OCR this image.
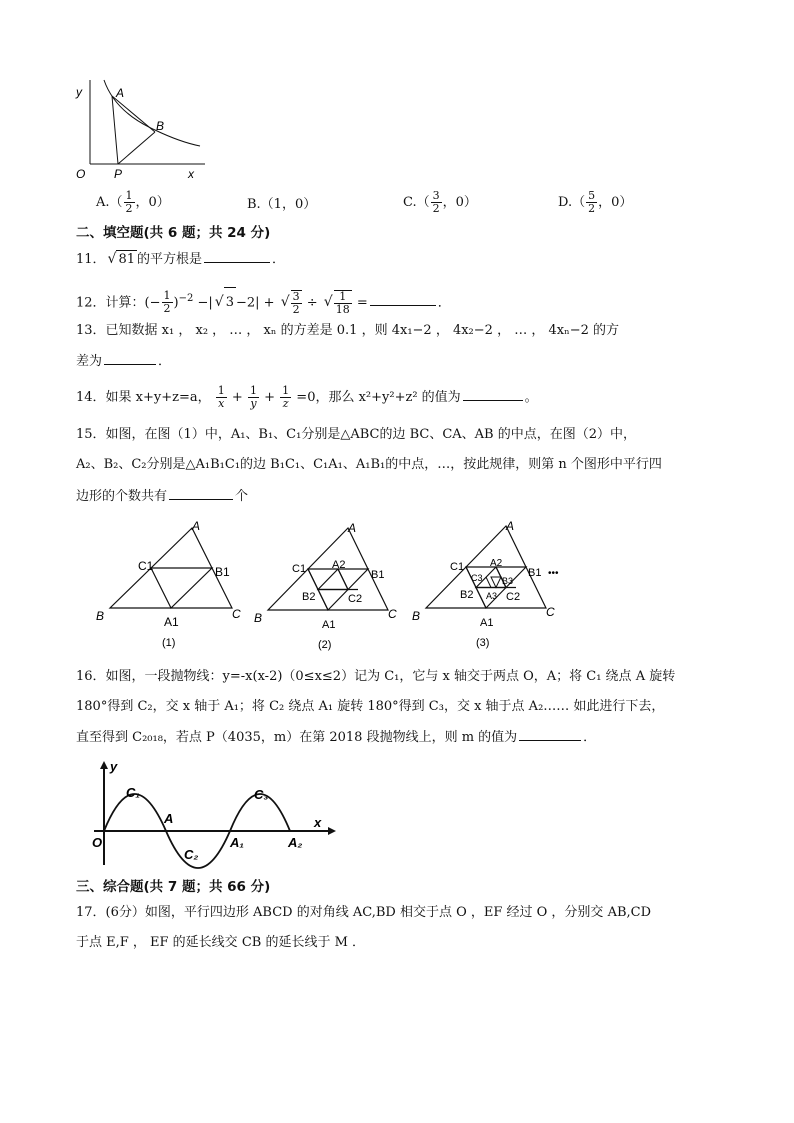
y
x
O P
A
B
$A.( \frac{1}{2}$ ，0）	B.（1，0）	$C.( \frac{3}{2}$ ，0）	$D.( \frac{5}{2}$ ，0）
二、填空题(共 6 题；共 24 分)
11． √ 81 的平方根是	．
12．计算：(− $\frac{1}{2} )^{-2}$ −| √ 3 −2| + √ $\frac{3}{2}$ ÷ √ $\frac{1}{18}$ =	．
13．已知数据 x₁ ， x₂ ， … ， xₙ 的方差是 0.1 ，则 4x₁−2 ， 4x₂−2 ， … ， 4xₙ−2 的方
差为	．
14．如果 x+y+z=a， $\frac{1}{x} + \frac{1}{y} + \frac{1}{z} =0$，那么 x²+y²+z² 的值为	。
15．如图，在图（1）中，A₁、B₁、C₁分别是△ABC的边 BC、CA、AB 的中点，在图（2）中，
A₂、B₂、C₂分别是△A₁B₁C₁的边 B₁C₁、C₁A₁、A₁B₁的中点，…，按此规律，则第 n 个图形中平行四
边形的个数共有	个
A
B	C
C1	B1
A1
(1)
A
B	C
C1	B1
A1
A2
B2	C2
(2)
A
B	C
C1	B1 •••
A1
A2
B2	C2
C3 B3
A3
(3)
16．如图，一段抛物线：y=-x(x-2)（0≤x≤2）记为 C₁，它与 x 轴交于两点 O，A；将 C₁ 绕点 A 旋转
180°得到 C₂，交 x 轴于 A₁；将 C₂ 绕点 A₁ 旋转 180°得到 C₃，交 x 轴于点 A₂…… 如此进行下去，
直至得到 C₂₀₁₈，若点 P（4035，m）在第 2018 段抛物线上，则 m 的值为	．
y
x
O
A
A₁	A₂
C₁
C₂
C₃
三、综合题(共 7 题；共 66 分)
17．(6分）如图，平行四边形 ABCD 的对角线 AC,BD 相交于点 O ，EF 经过 O ，分别交 AB,CD
于点 E,F ， EF 的延长线交 CB 的延长线于 M ．
